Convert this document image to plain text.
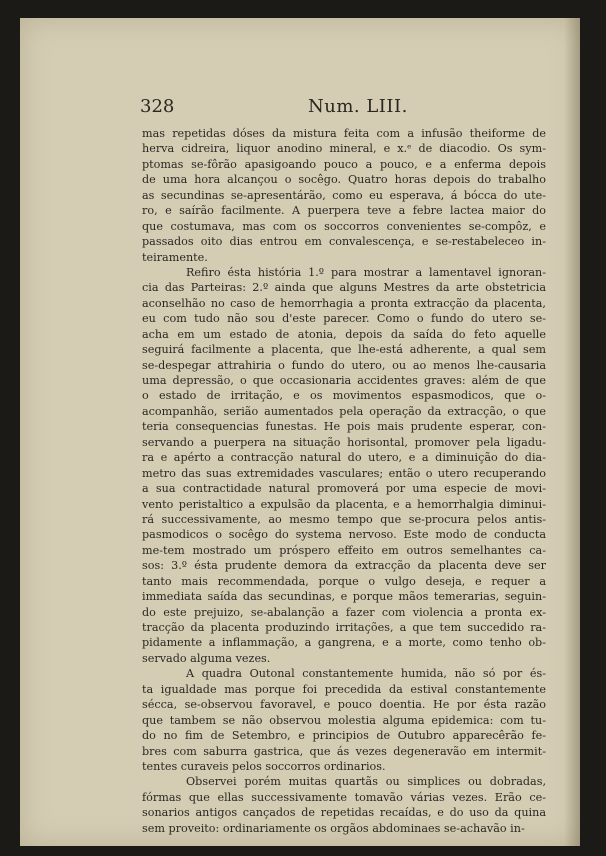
328	Num. LIII.
mas repetidas dóses da mistura feita com a infusão theiforme de
herva cidreira, liquor anodino mineral, e x.ᵉ de diacodio. Os sym-
ptomas se-fôrão apasigoando pouco a pouco, e a enferma depois
de uma hora alcançou o socêgo. Quatro horas depois do trabalho
as secundinas se-apresentárão, como eu esperava, á bócca do ute-
ro, e saírão facilmente. A puerpera teve a febre lactea maior do
que costumava, mas com os soccorros convenientes se-compôz, e
passados oito dias entrou em convalescença, e se-restabeleceo in-
teiramente.
Refiro ésta história 1.º para mostrar a lamentavel ignoran-
cia das Parteiras: 2.º ainda que alguns Mestres da arte obstetricia
aconselhão no caso de hemorrhagia a pronta extracção da placenta,
eu com tudo não sou d'este parecer. Como o fundo do utero se-
acha em um estado de atonia, depois da saída do feto aquelle
seguirá facilmente a placenta, que lhe-está adherente, a qual sem
se-despegar attrahiria o fundo do utero, ou ao menos lhe-causaria
uma depressão, o que occasionaria accidentes graves: além de que
o estado de irritação, e os movimentos espasmodicos, que o-
acompanhão, serião aumentados pela operação da extracção, o que
teria consequencias funestas. He pois mais prudente esperar, con-
servando a puerpera na situação horisontal, promover pela ligadu-
ra e apérto a contracção natural do utero, e a diminuição do dia-
metro das suas extremidades vasculares; então o utero recuperando
a sua contractidade natural promoverá por uma especie de movi-
vento peristaltico a expulsão da placenta, e a hemorrhalgia diminui-
rá successivamente, ao mesmo tempo que se-procura pelos antis-
pasmodicos o socêgo do systema nervoso. Este modo de conducta
me-tem mostrado um próspero effeito em outros semelhantes ca-
sos: 3.º ésta prudente demora da extracção da placenta deve ser
tanto mais recommendada, porque o vulgo deseja, e requer a
immediata saída das secundinas, e porque mãos temerarias, seguin-
do este prejuizo, se-abalanção a fazer com violencia a pronta ex-
tracção da placenta produzindo irritações, a que tem succedido ra-
pidamente a inflammação, a gangrena, e a morte, como tenho ob-
servado alguma vezes.
A quadra Outonal constantemente humida, não só por és-
ta igualdade mas porque foi precedida da estival constantemente
sécca, se-observou favoravel, e pouco doentia. He por ésta razão
que tambem se não observou molestia alguma epidemica: com tu-
do no fim de Setembro, e principios de Outubro apparecêrão fe-
bres com saburra gastrica, que ás vezes degeneravão em intermit-
tentes curaveis pelos soccorros ordinarios.
Observei porém muitas quartãs ou simplices ou dobradas,
fórmas que ellas successivamente tomavão várias vezes. Erão ce-
sonarios antigos cançados de repetidas recaídas, e do uso da quina
sem proveito: ordinariamente os orgãos abdominaes se-achavão in-
